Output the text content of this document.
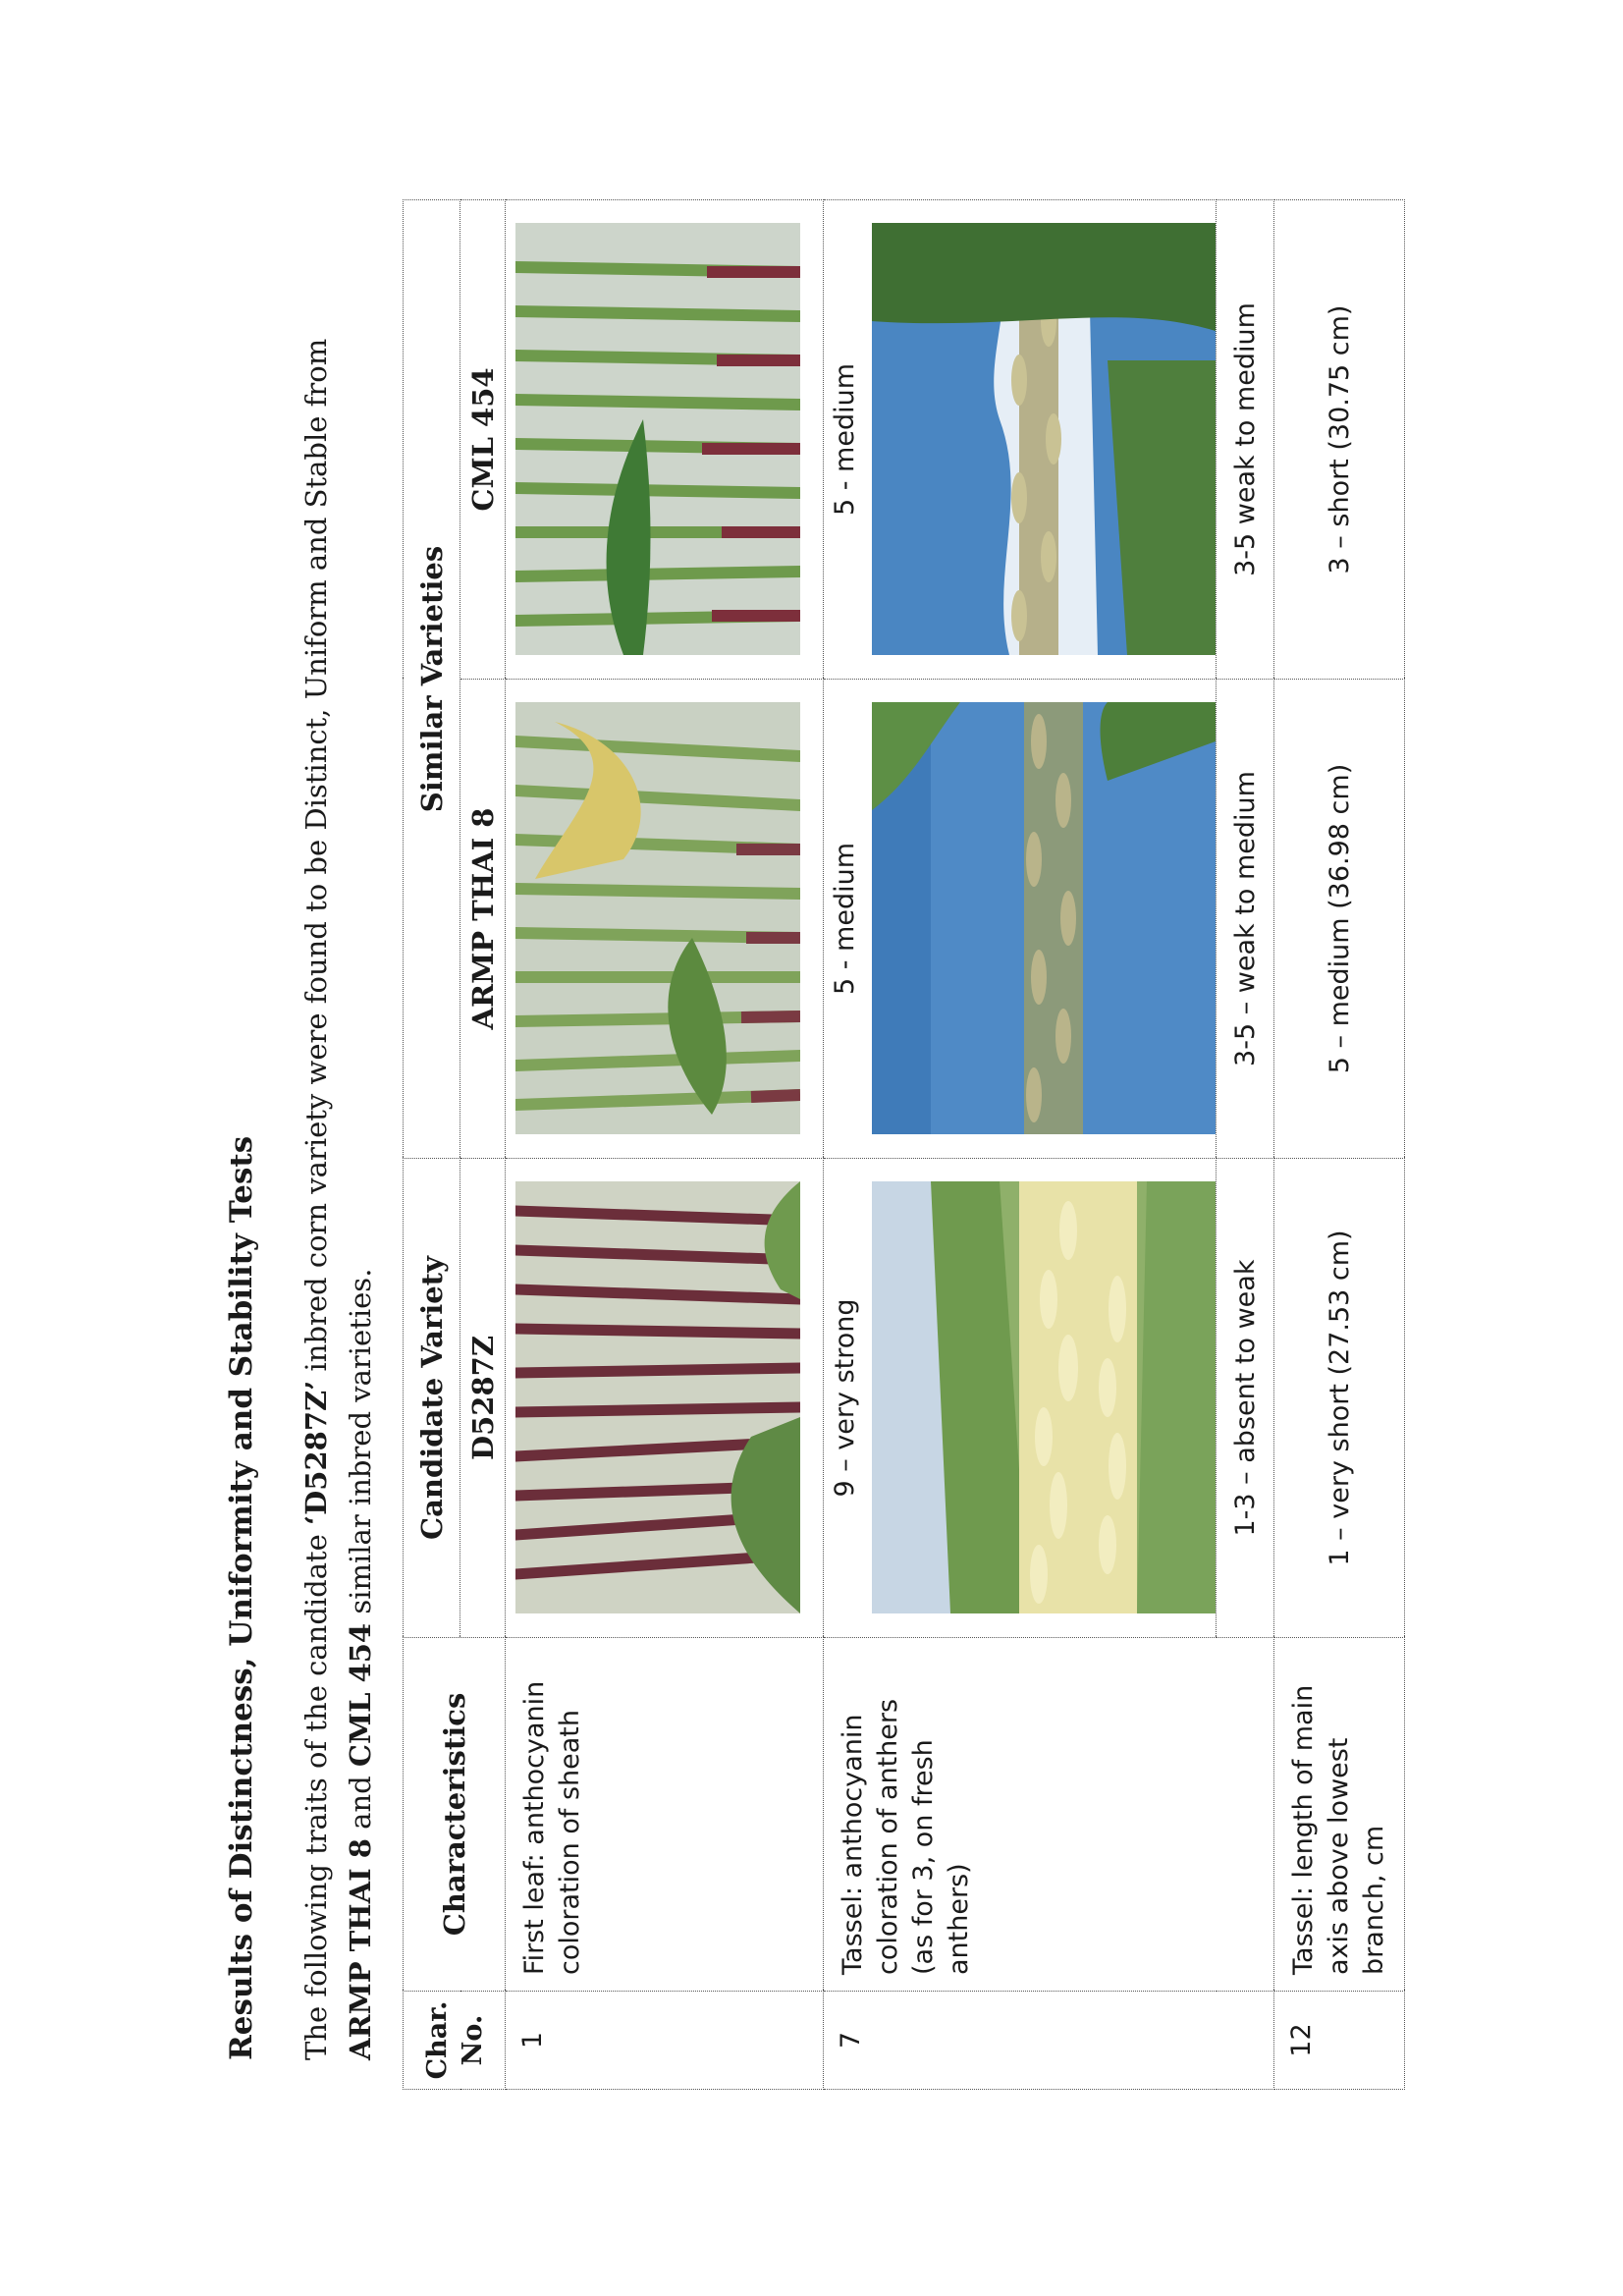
Results of Distinctness, Uniformity and Stability Tests The following traits of the candidate ‘D5287Z’ inbred corn variety were found to be Distinct, Uniform and Stable from ARMP THAI 8 and CML 454 similar inbred varieties.

Char. No.	Characteristics	Candidate Variety	Similar Varieties	
		D5287Z	ARMP THAI 8	CML 454
1	First leaf: anthocyanin coloration of sheath	

7	Tassel: anthocyanin coloration of anthers (as for 3, on fresh anthers)	9 – very strong	5 - medium	5 - medium

		1-3 – absent to weak	3-5 – weak to medium	3-5 weak to medium
12	Tassel: length of main axis above lowest branch, cm	1 – very short (27.53 cm)	5 – medium (36.98 cm)	3 – short (30.75 cm)
